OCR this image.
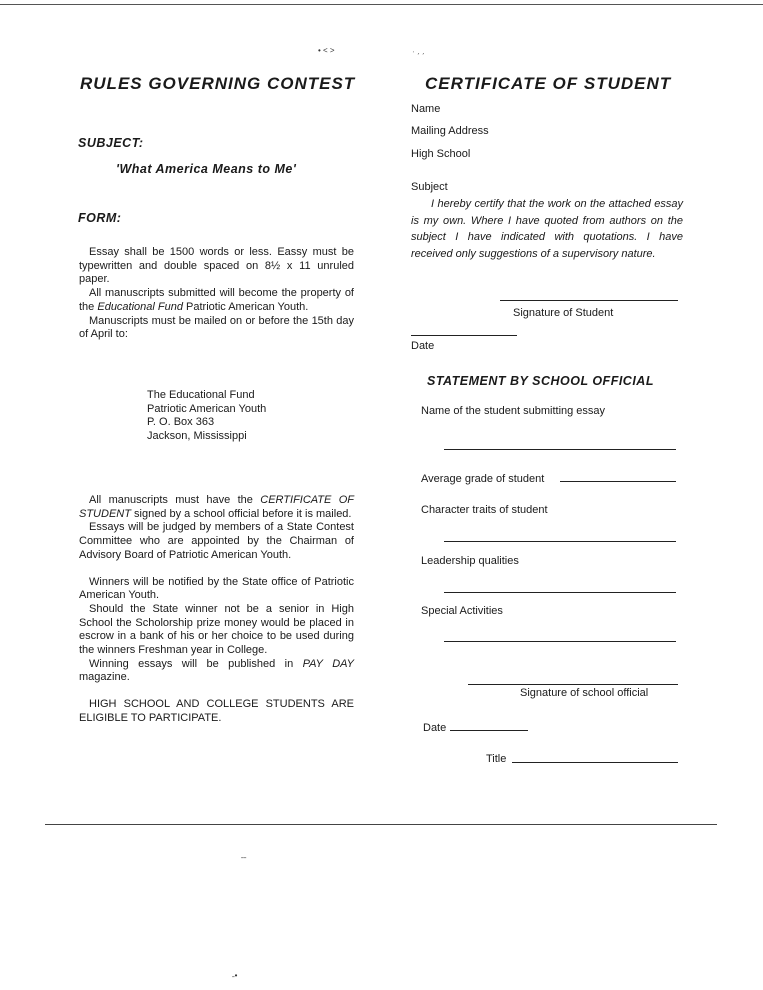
RULES GOVERNING CONTEST
SUBJECT:
'What America Means to Me'
FORM:

Essay shall be 1500 words or less. Eassy must be typewritten and double spaced on 8½ x 11 unruled paper.

All manuscripts submitted will become the property of the Educational Fund Patriotic American Youth.

Manuscripts must be mailed on or before the 15th day of April to:

The Educational Fund
Patriotic American Youth
P. O. Box 363
Jackson, Mississippi

All manuscripts must have the CERTIFICATE OF STUDENT signed by a school official before it is mailed.

Essays will be judged by members of a State Contest Committee who are appointed by the Chairman of Advisory Board of Patriotic American Youth.

Winners will be notified by the State office of Patriotic American Youth.

Should the State winner not be a senior in High School the Scholorship prize money would be placed in escrow in a bank of his or her choice to be used during the winners Freshman year in College.

Winning essays will be published in PAY DAY magazine.

HIGH SCHOOL AND COLLEGE STUDENTS ARE ELIGIBLE TO PARTICIPATE.

CERTIFICATE OF STUDENT
Name
Mailing Address
High School
Subject
I hereby certify that the work on the attached essay is my own. Where I have quoted from authors on the subject I have indicated with quotations. I have received only suggestions of a supervisory nature.
Signature of Student
Date
STATEMENT BY SCHOOL OFFICIAL
Name of the student submitting essay
Average grade of student
Character traits of student
Leadership qualities
Special Activities
Signature of school official
Date
Title
• ˂ ˃	˒ ˏ ˏ
˗˗
˗•
